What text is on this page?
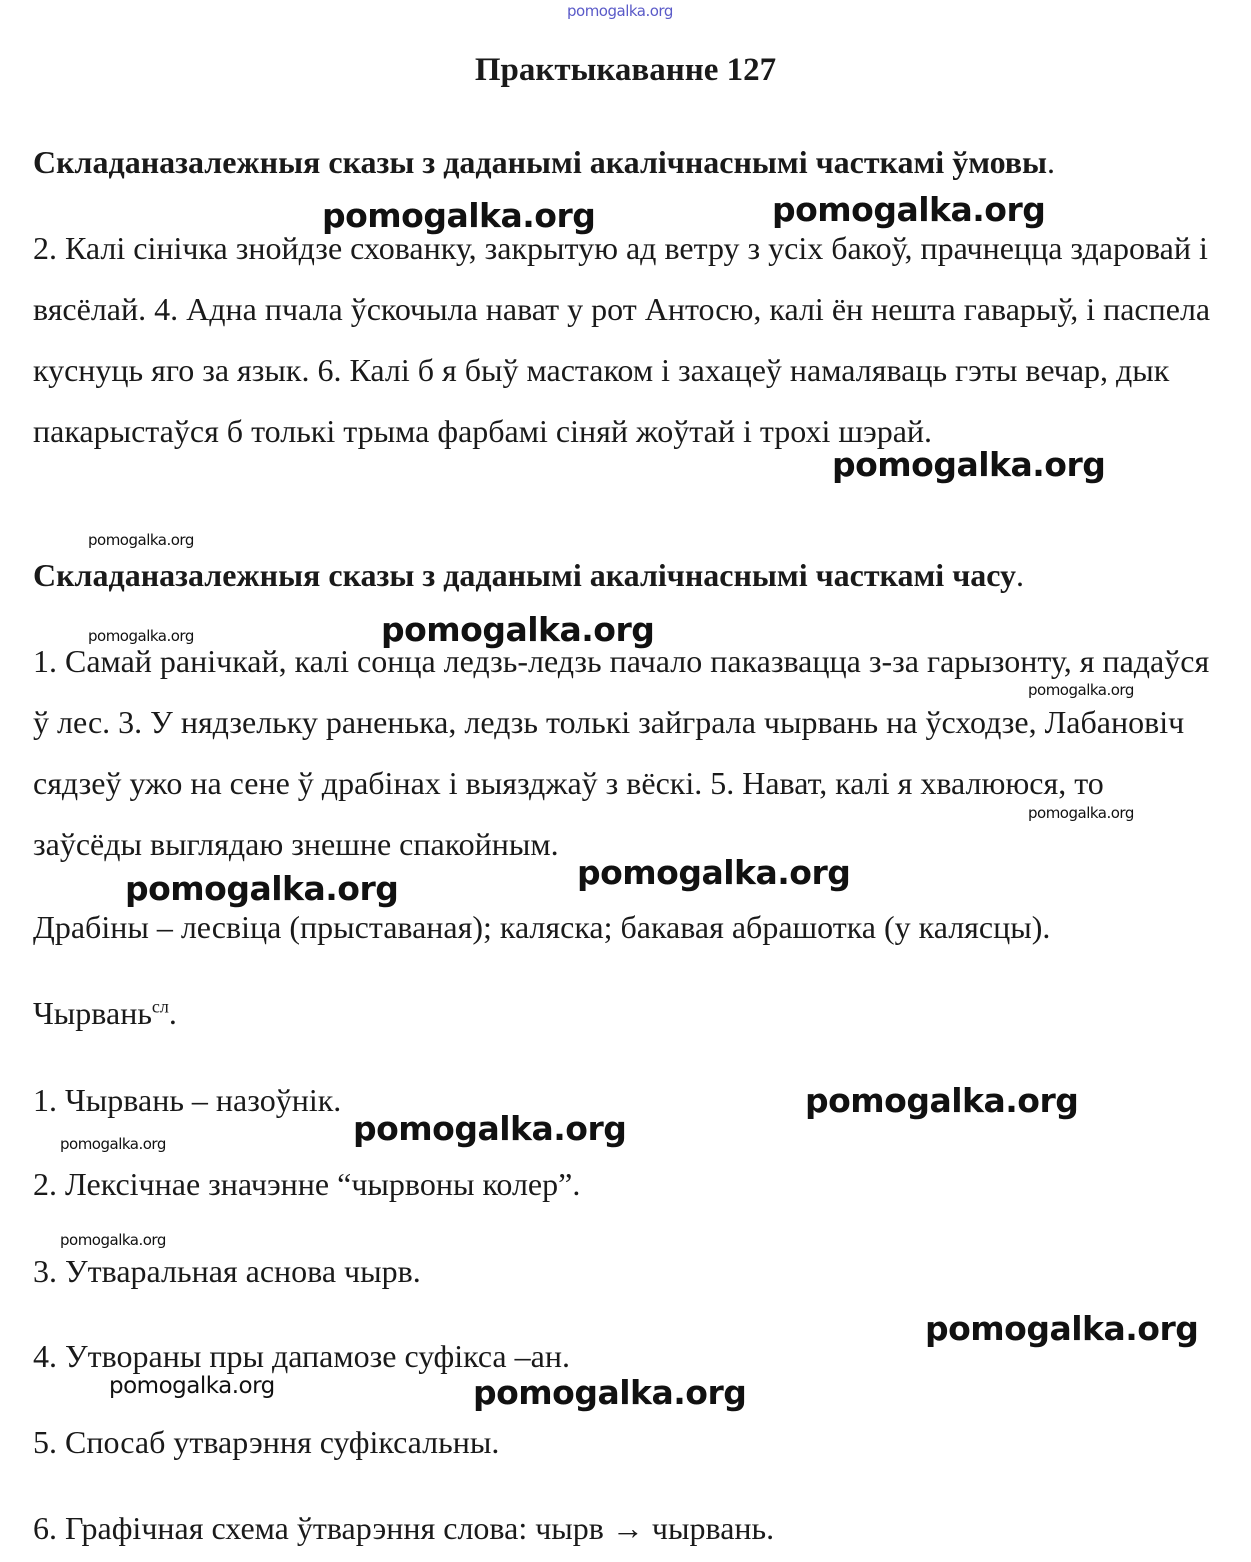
pomogalka.org
pomogalka.org	pomogalka.org
pomogalka.org
pomogalka.org
pomogalka.org	pomogalka.org
pomogalka.org
pomogalka.org
pomogalka.org	pomogalka.org
pomogalka.org
pomogalka.org
pomogalka.org
pomogalka.org
pomogalka.org
pomogalka.org	pomogalka.org
Практыкаванне 127
Складаназалежныя сказы з даданымі акалічнаснымі часткамі ўмовы.
2. Калі сінічка знойдзе схованку, закрытую ад ветру з усіх бакоў, прачнецца здаровай і вясёлай. 4. Адна пчала ўскочыла нават у рот Антосю, калі ён нешта гаварыў, і паспела куснуць яго за язык. 6. Калі б я быў мастаком і захацеў намаляваць гэты вечар, дык пакарыстаўся б толькі трыма фарбамі сіняй жоўтай і трохі шэрай.
Складаназалежныя сказы з даданымі акалічнаснымі часткамі часу.
1. Самай ранічкай, калі сонца ледзь-ледзь пачало паказвацца з-за гарызонту, я падаўся ў лес. 3. У нядзельку раненька, ледзь толькі зайграла чырвань на ўсходзе, Лабановіч сядзеў ужо на сене ў драбінах і выязджаў з вёскі. 5. Нават, калі я хвалююся, то заўсёды выглядаю знешне спакойным.
Драбіны – лесвіца (прыставаная); каляска; бакавая абрашотка (у калясцы).
Чырвань$^{сл}$.
1. Чырвань – назоўнік.
2. Лексічнае значэнне “чырвоны колер”.
3. Утваральная аснова чырв.
4. Утвораны пры дапамозе суфікса –ан.
5. Спосаб утварэння суфіксальны.
6. Графічная схема ўтварэння слова: чырв → чырвань.
